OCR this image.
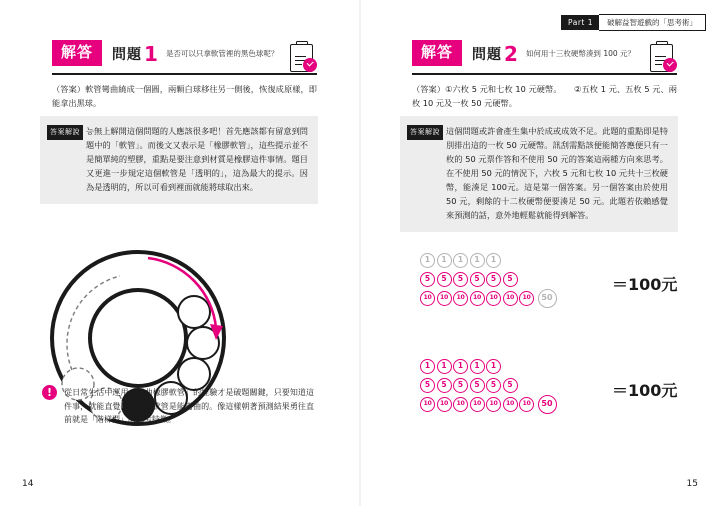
Part 1	破解益智遊戲的「思考術」
解答	問題 1 是否可以只拿軟管裡的黑色球呢？
（答案）軟管彎曲繞成一個圓，兩顆白球移往另一側後，恢復成原樣，即能拿出黑球。
答案解說 능無上解開這個問題的人應該很多吧！首先應該都有留意到問題中的「軟管」。而後文又表示是「橡膠軟管」，這些提示並不是簡單純的塑膠，重點是要注意到材質是橡膠這件事情。題目又更進一步規定這個軟管是「透明的」，這為最大的提示。因為是透明的，所以可看到裡面就能將球取出來。
!	從日常生活中運用「彎曲橡膠軟管」的經驗才是破題關鍵，只要知道這件事，就能直覺想到橡膠軟管是能彎曲的。像這樣朝著預測結果勇往直前就是「階梯型」的思考特徵。
14
解答	問題 2 如何用十三枚硬幣湊到 100 元？
（答案）①六枚 5 元和七枚 10 元硬幣。　　②五枚 1 元、五枚 5 元、兩枚 10 元及一枚 50 元硬幣。
答案解說 這個問題或許會產生集中於成或成效不足。此題的重點即是特別排出這的一枚 50 元硬幣。訊刮需點該便能簡答應便只有一枚的 50 元票作答和不使用 50 元的答案這兩種方向來思考。在不使用 50 元的情況下，六枚 5 元和七枚 10 元共十三枚硬幣，能湊足 100元。這是第一個答案。另一個答案由於使用 50 元，剩餘的十二枚硬幣便要湊足 50 元。此題若依賴感覺來預測的話，意外地輕鬆就能得到解答。
1	1	1	1	1
5	5	5	5	5	5
10	10	10	10	10	10	10	50
＝100元
1	1	1	1	1
5	5	5	5	5	5
10	10	10	10	10	10	10	50
＝100元
15
